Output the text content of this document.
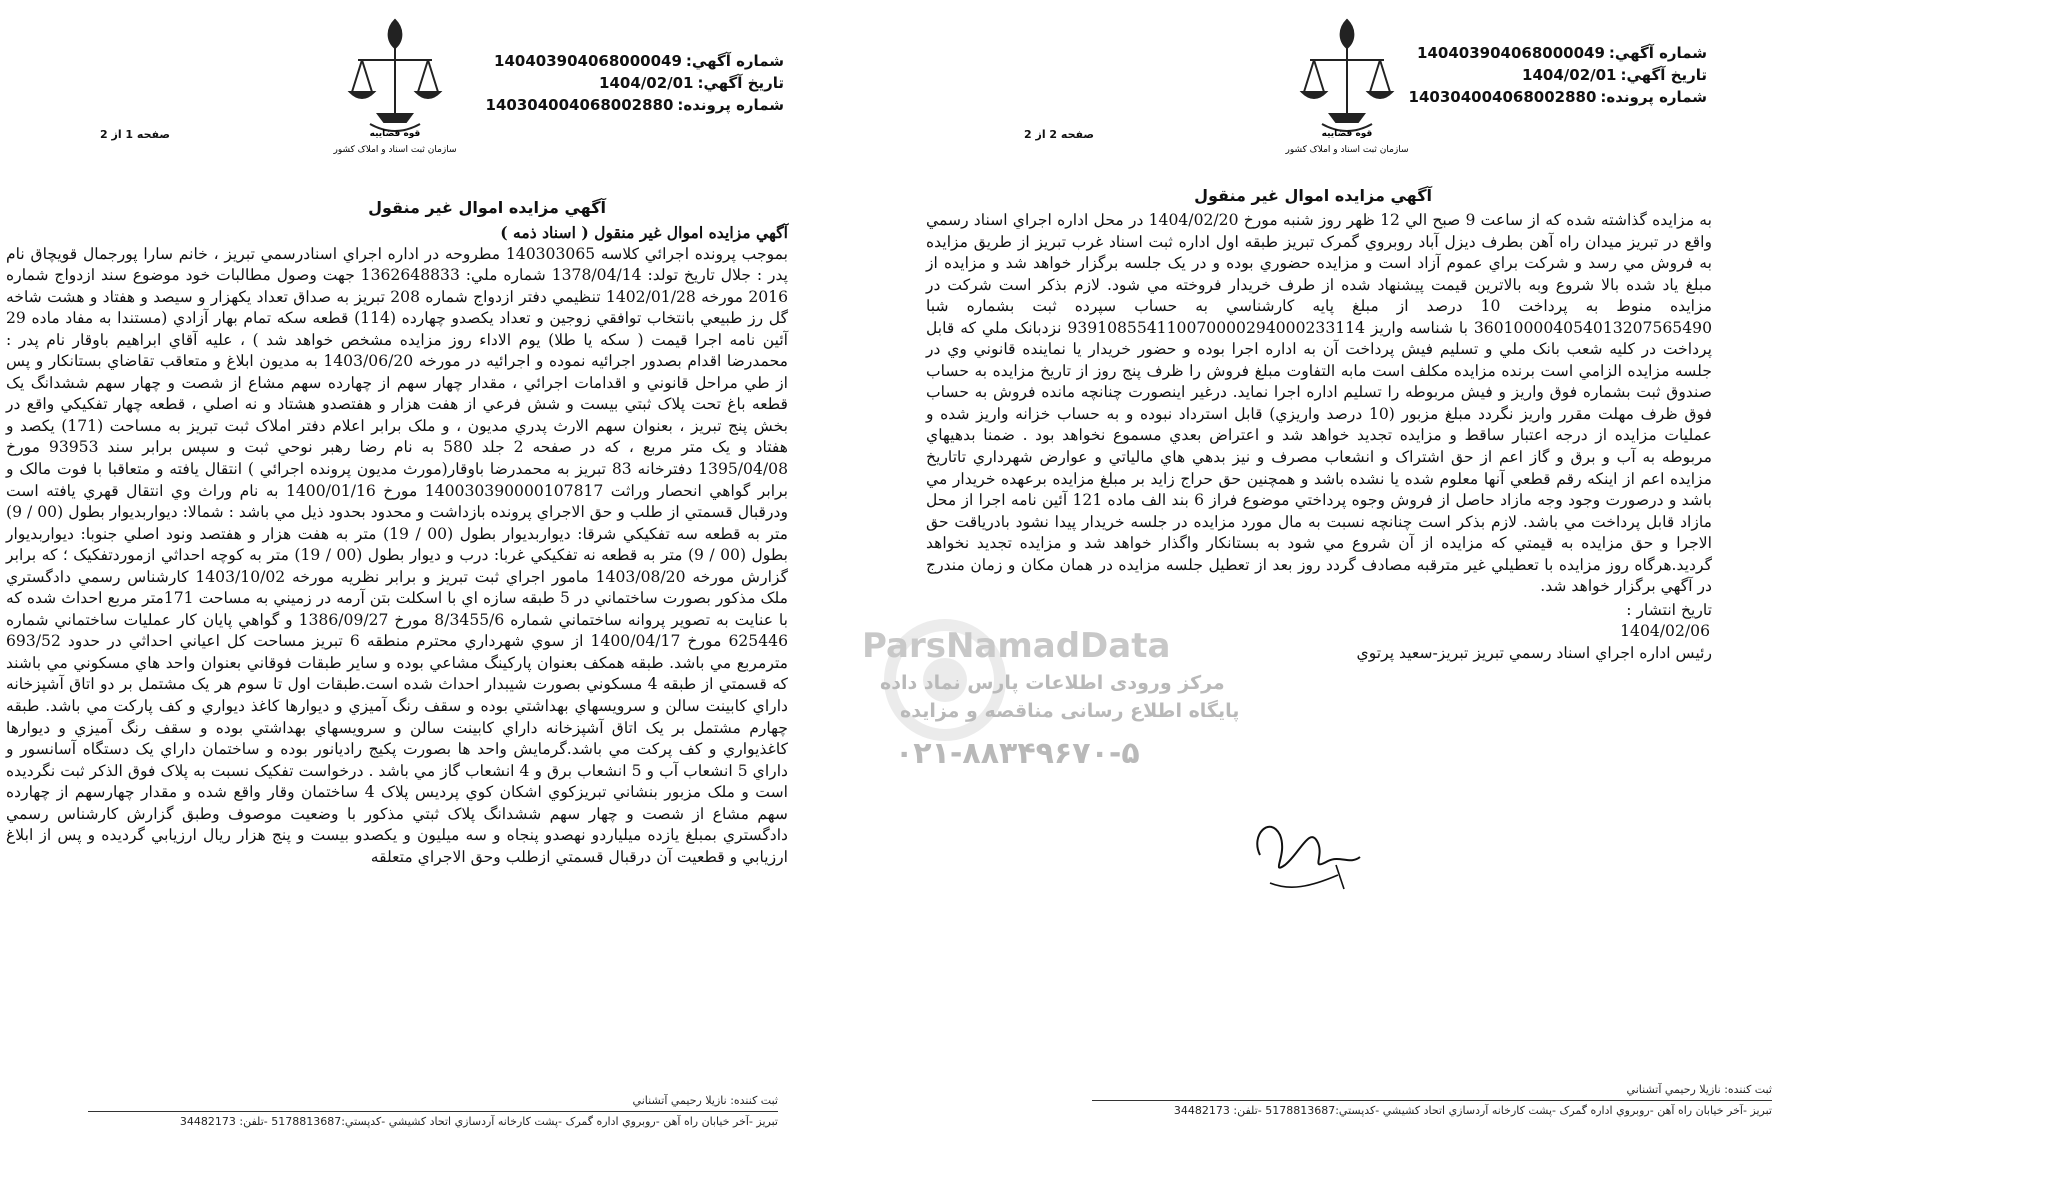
قوه قضاییه
سازمان ثبت اسناد و املاک کشور
شماره آگهي:140403904068000049
تاريخ آگهي:1404/02/01
شماره پرونده:140304004068002880
صفحه 1 از 2
آگهي مزايده اموال غير منقول
آگهي مزايده اموال غير منقول ( اسناد ذمه )
بموجب پرونده اجرائي كلاسه 140303065 مطروحه در اداره اجراي اسنادرسمي تبريز ، خانم سارا پورجمال قويچاق نام پدر : جلال تاريخ تولد: 1378/04/14 شماره ملي: 1362648833 جهت وصول مطالبات خود موضوع سند ازدواج شماره 2016 مورخه 1402/01/28 تنظيمي دفتر ازدواج شماره 208 تبريز به صداق تعداد يكهزار و سيصد و هفتاد و هشت شاخه گل رز طبيعي بانتخاب توافقي زوجين و تعداد يكصدو چهارده (114) قطعه سكه تمام بهار آزادي (مستندا به مفاد ماده 29 آئين نامه اجرا قيمت ( سكه يا طلا) يوم الاداء روز مزايده مشخص خواهد شد ) ، عليه آقاي ابراهيم باوقار نام پدر : محمدرضا اقدام بصدور اجرائيه نموده و اجرائيه در مورخه 1403/06/20 به مديون ابلاغ و متعاقب تقاضاي بستانكار و پس از طي مراحل قانوني و اقدامات اجرائي ، مقدار چهار سهم از چهارده سهم مشاع از شصت و چهار سهم ششدانگ يک قطعه باغ تحت پلاک ثبتي بيست و شش فرعي از هفت هزار و هفتصدو هشتاد و نه اصلي ، قطعه چهار تفكيكي واقع در بخش پنج تبريز ، بعنوان سهم الارث پدري مديون ، و ملک برابر اعلام دفتر املاک ثبت تبريز به مساحت (171) يكصد و هفتاد و يک متر مربع ، كه در صفحه 2 جلد 580 به نام رضا رهبر نوحي ثبت و سپس برابر سند 93953 مورخ 1395/04/08 دفترخانه 83 تبريز به محمدرضا باوقار(مورث مديون پرونده اجرائي ) انتقال يافته و متعاقبا با فوت مالک و برابر گواهي انحصار وراثت 140030390000107817 مورخ 1400/01/16 به نام وراث وي انتقال قهري يافته است ودرقبال قسمتي از طلب و حق الاجراي پرونده بازداشت و محدود بحدود ذيل مي باشد : شمالا: ديواربديوار بطول (00 / 9) متر به قطعه سه تفكيكي شرقا: ديواربديوار بطول (00 / 19) متر به هفت هزار و هفتصد ونود اصلي جنوبا: ديواربديوار بطول (00 / 9) متر به قطعه نه تفكيكي غربا: درب و ديوار بطول (00 / 19) متر به كوچه احداثي ازموردتفكيک ؛ كه برابر گزارش مورخه 1403/08/20 مامور اجراي ثبت تبريز و برابر نظريه مورخه 1403/10/02 كارشناس رسمي دادگستري ملک مذكور بصورت ساختماني در 5 طبقه سازه اي با اسكلت بتن آرمه در زميني به مساحت 171متر مربع احداث شده كه با عنايت به تصوير پروانه ساختماني شماره 8/3455/6 مورخ 1386/09/27 و گواهي پايان كار عمليات ساختماني شماره 625446 مورخ 1400/04/17 از سوي شهرداري محترم منطقه 6 تبريز مساحت كل اعياني احداثي در حدود 693/52 مترمربع مي باشد. طبقه همكف بعنوان پاركينگ مشاعي بوده و ساير طبقات فوقاني بعنوان واحد هاي مسكوني مي باشند كه قسمتي از طبقه 4 مسكوني بصورت شيبدار احداث شده است.طبقات اول تا سوم هر يک مشتمل بر دو اتاق آشپزخانه داراي كابينت سالن و سرويسهاي بهداشتي بوده و سقف رنگ آميزي و ديوارها كاغذ ديواري و كف پاركت مي باشد. طبقه چهارم مشتمل بر يک اتاق آشپزخانه داراي كابينت سالن و سرويسهاي بهداشتي بوده و سقف رنگ آميزي و ديوارها كاغذيواري و كف پركت مي باشد.گرمايش واحد ها بصورت پكيج راديانور بوده و ساختمان داراي يک دستگاه آسانسور و داراي 5 انشعاب آب و 5 انشعاب برق و 4 انشعاب گاز مي باشد . درخواست تفكيک نسبت به پلاک فوق الذكر ثبت نگرديده است و ملک مزبور بنشاني تبريزكوي اشكان كوي پرديس پلاک 4 ساختمان وقار واقع شده و مقدار چهارسهم از چهارده سهم مشاع از شصت و چهار سهم ششدانگ پلاک ثبتي مذكور با وضعيت موصوف وطبق گزارش كارشناس رسمي دادگستري بمبلغ يازده ميلياردو نهصدو پنجاه و سه ميليون و يكصدو بيست و پنج هزار ريال ارزيابي گرديده و پس از ابلاغ ارزيابي و قطعيت آن درقبال قسمتي ازطلب وحق الاجراي متعلقه
ثبت كننده: نازيلا رحيمي آتشناني
تبريز -آخر خيابان راه آهن -روبروي اداره گمرک -پشت كارخانه آردسازي اتحاد كشيشي -كدپستي:5178813687 -تلفن: 34482173
قوه قضاییه
سازمان ثبت اسناد و املاک کشور
شماره آگهي:140403904068000049
تاريخ آگهي:1404/02/01
شماره پرونده:140304004068002880
صفحه 2 از 2
آگهي مزايده اموال غير منقول
به مزايده گذاشته شده كه از ساعت 9 صبح الي 12 ظهر روز شنبه مورخ 1404/02/20 در محل اداره اجراي اسناد رسمي واقع در تبريز ميدان راه آهن بطرف ديزل آباد روبروي گمرک تبريز طبقه اول اداره ثبت اسناد غرب تبريز از طريق مزايده به فروش مي رسد و شركت براي عموم آزاد است و مزايده حضوري بوده و در يک جلسه برگزار خواهد شد و مزايده از مبلغ ياد شده بالا شروع وبه بالاترين قيمت پيشنهاد شده از طرف خريدار فروخته مي شود. لازم بذكر است شركت در مزايده منوط به پرداخت 10 درصد از مبلغ پايه كارشناسي به حساب سپرده ثبت بشماره شبا 360100004054013207565490 با شناسه واريز 939108554110070000294000233114 نزدبانک ملي كه قابل پرداخت در كليه شعب بانک ملي و تسليم فيش پرداخت آن به اداره اجرا بوده و حضور خريدار يا نماينده قانوني وي در جلسه مزايده الزامي است برنده مزايده مكلف است مابه التفاوت مبلغ فروش را ظرف پنج روز از تاريخ مزايده به حساب صندوق ثبت بشماره فوق واريز و فيش مربوطه را تسليم اداره اجرا نمايد. درغير اينصورت چنانچه مانده فروش به حساب فوق ظرف مهلت مقرر واريز نگردد مبلغ مزبور (10 درصد واريزي) قابل استرداد نبوده و به حساب خزانه واريز شده و عمليات مزايده از درجه اعتبار ساقط و مزايده تجديد خواهد شد و اعتراض بعدي مسموع نخواهد بود . ضمنا بدهيهاي مربوطه به آب و برق و گاز اعم از حق اشتراک و انشعاب مصرف و نيز بدهي هاي مالياتي و عوارض شهرداري تاتاريخ مزايده اعم از اينكه رقم قطعي آنها معلوم شده يا نشده باشد و همچنين حق حراج زايد بر مبلغ مزايده برعهده خريدار مي باشد و درصورت وجود وجه مازاد حاصل از فروش وجوه پرداختي موضوع فراز 6 بند الف ماده 121 آئين نامه اجرا از محل مازاد قابل پرداخت مي باشد. لازم بذكر است چنانچه نسبت به مال مورد مزايده در جلسه خريدار پيدا نشود بادرياقت حق الاجرا و حق مزايده به قيمتي كه مزايده از آن شروع مي شود به بستانكار واگذار خواهد شد و مزايده تجديد نخواهد گرديد.هرگاه روز مزايده با تعطيلي غير مترقبه مصادف گردد روز بعد از تعطيل جلسه مزايده در همان مكان و زمان مندرج در آگهي برگزار خواهد شد.
تاريخ انتشار :
1404/02/06
رئيس اداره اجراي اسناد رسمي تبريز تبريز-سعيد پرتوي
ثبت كننده: نازيلا رحيمي آتشناني
تبريز -آخر خيابان راه آهن -روبروي اداره گمرک -پشت كارخانه آردسازي اتحاد كشيشي -كدپستي:5178813687 -تلفن: 34482173
ParsNamadData
مرکز ورودی اطلاعات پارس نماد داده
پایگاه اطلاع رسانی مناقصه و مزایده
۰۲۱-۸۸۳۴۹۶۷۰-۵
